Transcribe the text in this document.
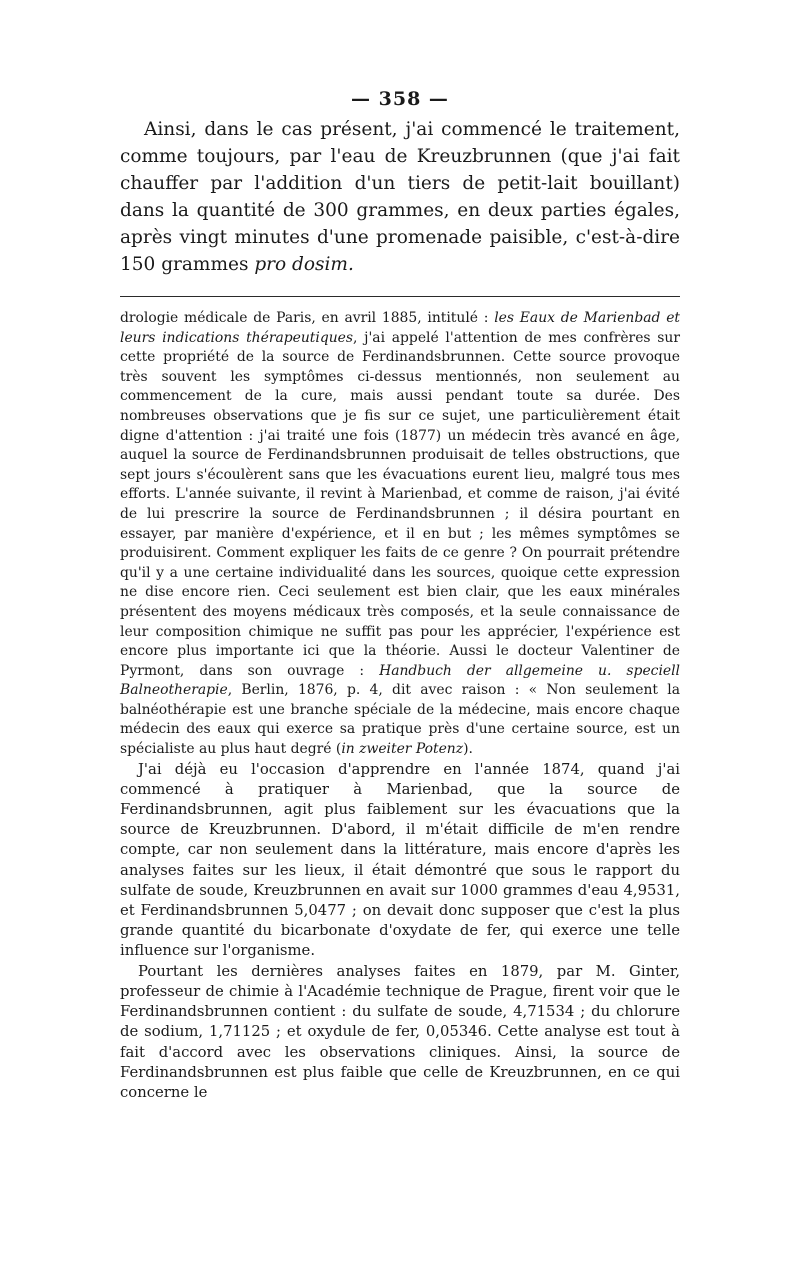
— 358 —

Ainsi, dans le cas présent, j'ai commencé le traitement, comme toujours, par l'eau de Kreuzbrunnen (que j'ai fait chauffer par l'addition d'un tiers de petit-lait bouillant) dans la quantité de 300 grammes, en deux parties égales, après vingt minutes d'une promenade paisible, c'est-à-dire 150 grammes pro dosim.

drologie médicale de Paris, en avril 1885, intitulé : les Eaux de Marienbad et leurs indications thérapeutiques, j'ai appelé l'attention de mes confrères sur cette propriété de la source de Ferdinandsbrunnen. Cette source provoque très souvent les symptômes ci-dessus mentionnés, non seulement au commencement de la cure, mais aussi pendant toute sa durée. Des nombreuses observations que je fis sur ce sujet, une particulièrement était digne d'attention : j'ai traité une fois (1877) un médecin très avancé en âge, auquel la source de Ferdinandsbrunnen produisait de telles obstructions, que sept jours s'écoulèrent sans que les évacuations eurent lieu, malgré tous mes efforts. L'année suivante, il revint à Marienbad, et comme de raison, j'ai évité de lui prescrire la source de Ferdinandsbrunnen ; il désira pourtant en essayer, par manière d'expérience, et il en but ; les mêmes symptômes se produisirent. Comment expliquer les faits de ce genre ? On pourrait prétendre qu'il y a une certaine individualité dans les sources, quoique cette expression ne dise encore rien. Ceci seulement est bien clair, que les eaux minérales présentent des moyens médicaux très composés, et la seule connaissance de leur composition chimique ne suffit pas pour les apprécier, l'expérience est encore plus importante ici que la théorie. Aussi le docteur Valentiner de Pyrmont, dans son ouvrage : Handbuch der allgemeine u. speciell Balneotherapie, Berlin, 1876, p. 4, dit avec raison : « Non seulement la balnéothérapie est une branche spéciale de la médecine, mais encore chaque médecin des eaux qui exerce sa pratique près d'une certaine source, est un spécialiste au plus haut degré (in zweiter Potenz).

J'ai déjà eu l'occasion d'apprendre en l'année 1874, quand j'ai commencé à pratiquer à Marienbad, que la source de Ferdinandsbrunnen, agit plus faiblement sur les évacuations que la source de Kreuzbrunnen. D'abord, il m'était difficile de m'en rendre compte, car non seulement dans la littérature, mais encore d'après les analyses faites sur les lieux, il était démontré que sous le rapport du sulfate de soude, Kreuzbrunnen en avait sur 1000 grammes d'eau 4,9531, et Ferdinandsbrunnen 5,0477 ; on devait donc supposer que c'est la plus grande quantité du bicarbonate d'oxydate de fer, qui exerce une telle influence sur l'organisme.

Pourtant les dernières analyses faites en 1879, par M. Ginter, professeur de chimie à l'Académie technique de Prague, firent voir que le Ferdinandsbrunnen contient : du sulfate de soude, 4,71534 ; du chlorure de sodium, 1,71125 ; et oxydule de fer, 0,05346. Cette analyse est tout à fait d'accord avec les observations cliniques. Ainsi, la source de Ferdinandsbrunnen est plus faible que celle de Kreuzbrunnen, en ce qui concerne le
